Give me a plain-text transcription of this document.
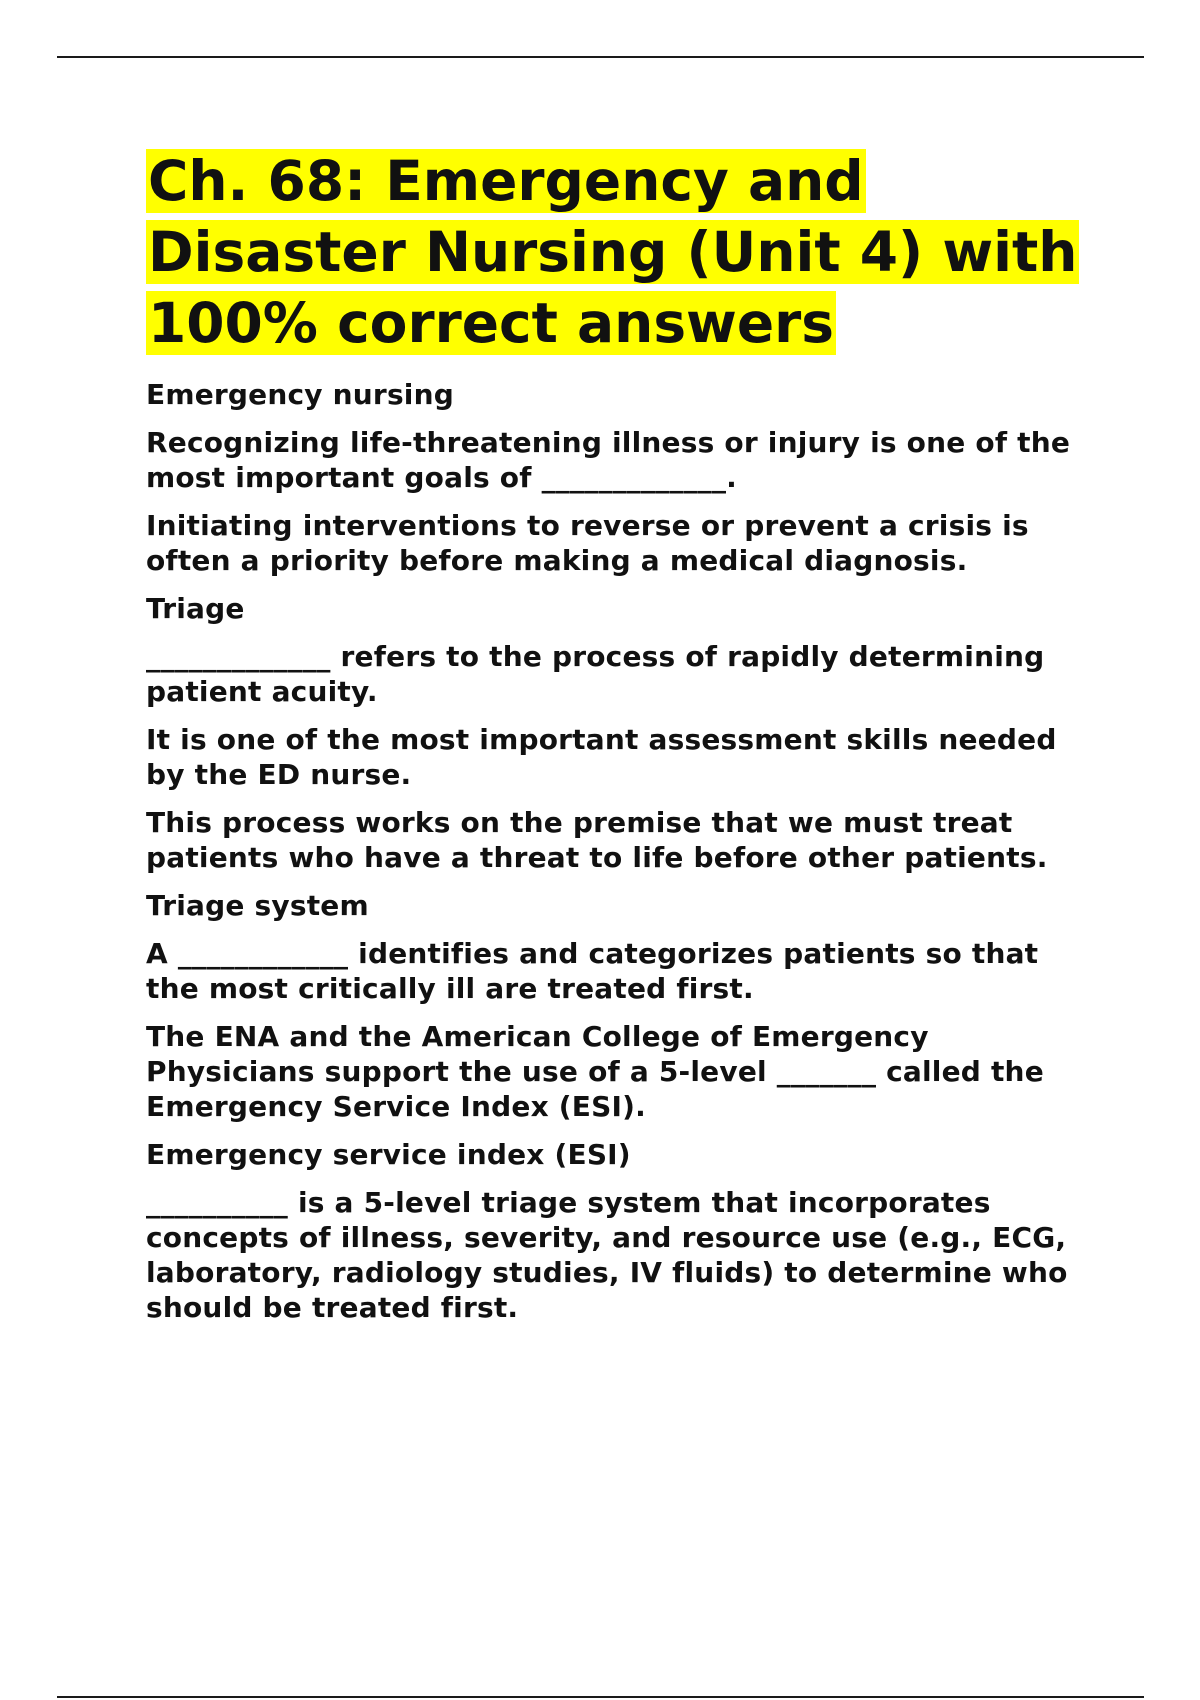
Ch. 68: Emergency and Disaster Nursing (Unit 4) with 100% correct answers

Emergency nursing

Recognizing life-threatening illness or injury is one of the most important goals of _____________.

Initiating interventions to reverse or prevent a crisis is often a priority before making a medical diagnosis.

Triage

_____________ refers to the process of rapidly determining patient acuity.

It is one of the most important assessment skills needed by the ED nurse.

This process works on the premise that we must treat patients who have a threat to life before other patients.

Triage system

A ____________ identifies and categorizes patients so that the most critically ill are treated first.

The ENA and the American College of Emergency Physicians support the use of a 5-level _______ called the Emergency Service Index (ESI).

Emergency service index (ESI)

__________ is a 5-level triage system that incorporates concepts of illness, severity, and resource use (e.g., ECG, laboratory, radiology studies, IV fluids) to determine who should be treated first.
